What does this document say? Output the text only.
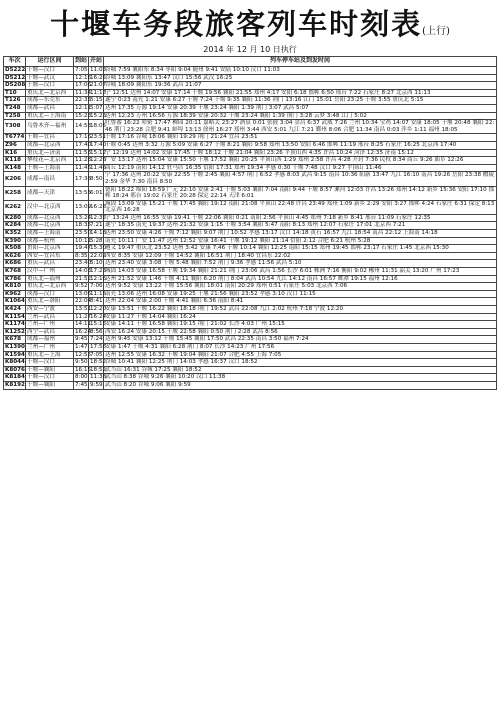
十堰车务段旅客列车时刻表(上行)
2014 年 12 月 10 日执行
车次	运行区间	到站	开站	列车停车站及到发时间
D5222	十堰—汉口	7:05	11:03	谷城 7:59 襄阳东 8:34 枣阳 9:04 随州 9:41 安陆 10:10 汉口 11:03
D5212	十堰—武汉	12:16	16:25	谷城 13:09 襄阳东 13:47 汉口 15:56 武汉 16:25
D5208	十堰—汉口	17:06	21:07	谷城 18:09 襄阳东 19:36 武昌 21:07
T10	重庆北—北京西	11:34	11:13	宁 12:51 达州 14:07 安康 17:14 十堰 19:56 襄阳 21:55 郑州 4:17 安阳 6:18 邯郸 6:50 邢台 7:22 石家庄 8:27 北京西 11:13
T126	成都—东莞东	22:35	5:15	遂宁 0:23 南充 1:21 安康 6:27 十堰 7:24 十堰 9:35 襄阳 11:36 荆门 13:16 江门 15:01 岳阳 23:25 十堰 3:55 重庆北 5:15
T248	成都—武昌	12:11	5:07	达州 17:35 万源 19:14 安康 20:39 十堰 23:24 襄阳 1:39 荆门 3:07 武昌 5:07
T258	重庆北—上海南	15:23	15:23	达州 12:23 万州 16:56 万源 18:39 安康 20:32 十堰 23:24 襄阳 1:39 荆门 3:28 云梦 3:48 江门 5:02
T308	乌鲁木齐—福州	14:53	18:05	吐鲁番 16:22 哈密 17:47 柳园 20:11 嘉峪关 23:27 酒泉 0:01 张掖 3:04 金昌 6:37 武威 7:26 兰州 10:34 宝鸡 14:07 安康 18:05 十堰 20:48 襄阳 22:46 荆门 23:28 合肥 9:41 蚌埠 13:13 徐州 16:27 郑州 3:44 西安 5:01 九江 7:21 鄞州 8:06 合肥 11:34 南昌 0:03 萍乡 1:11 福州 18:05
T6774	十堰—宜昌	17:16	23:51	十堰 17:16 谷城 18:06 襄阳 19:29 荆门 21:24 宜昌 23:51
Z96	成都—北京西	17:40	17:40	十堰 0:45 达州 3:32 万源 5:09 安康 6:27 十堰 8:21 襄阳 9:58 郑州 13:50 安阳 6:46 邯郸 11:19 邢台 8:25 石家庄 16:25 北京西 17:40
K16	重庆北—济南	11:53	15:12	宁 12:19 达州 14:02 安康 17:45 十堰 18:12 十堰 21:04 襄阳 23:26 平顶山西 4:35 许昌 10:24 菏泽 12:35 济南 15:12
K118	攀枝花—北京西	11:28	12:26	广安 13:17 达州 15:04 安康 15:50 十堰 17:52 襄阳 20:25 平顶山西 1:29 郑州 2:58 许昌 4:28 开封 7:36 民权 8:34 商丘 9:26 曲阜 12:26
K148	十堰—上海南	11:45	11:46	商丘 12:19 南阳 14:12 驻马店 16:35 信阳 17:31 郑州 19:34 孝感 0:30 十堰 7:48 汉口 9:27 平顶山 11:46
K206	成都—南昌	17:36	8:50	宁 17:36 达州 20:22 安康 22:55 十堰 2:45 襄阳 4:57 荆门 6:52 孝感 8:03 武昌 9:15 南昌 10:36 阳新 13:47 九江 16:10 南昌 19:26 岳阳 23:38 醴陵 2:59 金华 7:30 南昌 8:50
K258	成都—天津	13:55	6:01	德阳 18:22 绵阳 18:59 广元 22:10 安康 2:41 十堰 5:03 襄阳 7:04 南阳 9:44 十堰 8:57 漯河 12:03 许昌 13:26 郑州 14:12 新乡 15:36 安阳 17:10 邯郸 18:24 邢台 19:02 石家庄 20:28 保定 22:14 天津 6:01
K262	汉中—北京西	13:09	16:28	城固 13:09 安康 15:21 十堰 17:45 襄阳 19:12 南阳 21:08 平顶山 22:48 许昌 23:49 郑州 1:09 新乡 2:29 安阳 3:27 邯郸 4:24 石家庄 6:31 保定 8:13 北京西 16:28
K280	成都—北京西	13:24	12:35	宁 13:24 达州 16:55 安康 19:41 十堰 22:06 襄阳 0:21 南阳 2:56 平顶山 4:45 郑州 7:18 新乡 8:41 邢台 11:09 石家庄 12:35
K284	成都—北京西	18:35	7:21	遂宁 18:35 南充 19:37 达州 21:32 安康 1:15 十堰 3:54 襄阳 5:47 南阳 8:13 郑州 12:07 石家庄 17:01 北京西 7:21
K352	成都—上海南	23:50	14:18	达州 23:50 安康 4:26 十堰 7:12 襄阳 9:07 荆门 10:52 孝感 13:17 汉口 14:18 黄石 16:57 九江 18:54 南昌 22:12 上海南 14:18
K390	成都—杭州	10:11	5:28	南充 10:11 广安 11:47 达州 12:52 安康 16:41 十堰 19:12 襄阳 21:14 信阳 2:12 合肥 6:21 杭州 5:28
K508	贵阳—北京西	19:47	15:30	遵义 19:47 重庆北 23:52 达州 3:42 安康 7:46 十堰 10:14 襄阳 12:25 南阳 15:15 郑州 19:45 邯郸 23:17 石家庄 1:45 北京西 15:30
K626	西安—宜昌东	8:35	22:02	西安 8:35 安康 12:09 十堰 14:52 襄阳 16:51 荆门 18:40 宜昌东 22:02
K686	重庆—武昌	23:40	5:10	达州 23:40 安康 3:08 十堰 5:48 襄阳 7:52 荆门 9:36 孝感 11:56 武昌 5:10
K768	汉中—广州	14:03	17:23	城固 14:03 安康 16:58 十堰 19:34 襄阳 21:21 荆门 23:06 武昌 1:56 长沙 6:01 株洲 7:16 衡阳 9:02 郴州 11:31 韶关 13:20 广州 17:23
K786	重庆北—福州	21:52	12:16	达州 21:52 安康 1:46 十堰 4:11 襄阳 6:20 荆门 8:04 武昌 10:54 九江 14:12 南昌 16:57 鹰潭 19:15 福州 12:16
K810	重庆北—北京西	9:52	7:06	达州 9:52 安康 13:22 十堰 15:56 襄阳 18:01 南阳 20:29 郑州 0:51 石家庄 5:03 北京西 7:06
K962	成都—汉口	13:06	11:15	南充 13:06 达州 16:08 安康 19:25 十堰 21:56 襄阳 23:52 孝感 3:10 汉口 11:15
K1064	重庆北—洛阳	22:04	8:41	达州 22:04 安康 2:00 十堰 4:41 襄阳 6:36 南阳 8:41
K424	西安—宁波	13:51	12:20	安康 13:51 十堰 16:22 襄阳 18:18 荆门 19:52 武昌 22:08 九江 2:02 杭州 7:18 宁波 12:20
K1154	兰州—武昌	11:27	16:24	安康 11:27 十堰 14:04 襄阳 16:24
K1174	兰州—广州	14:11	15:15	安康 14:11 十堰 16:58 襄阳 19:15 荆门 21:02 长沙 4:03 广州 15:15
K1252	西宁—武昌	16:24	8:56	西安 16:24 安康 20:15 十堰 22:58 襄阳 0:50 荆门 2:28 武昌 8:56
K678	成都—福州	9:45	7:24	达州 9:45 安康 13:12 十堰 15:45 襄阳 17:50 武昌 22:35 南昌 3:50 福州 7:24
K1390	兰州—广州	1:47	17:56	安康 1:47 十堰 4:31 襄阳 6:28 荆门 8:07 长沙 14:23 广州 17:56
K1594	重庆北—上海	12:55	7:05	达州 12:55 安康 16:32 十堰 19:04 襄阳 21:07 合肥 4:55 上海 7:05
K8044	十堰—汉口	9:50	18:52	谷城 10:41 襄阳 12:25 荆门 14:03 孝感 16:37 汉口 18:52
K8076	十堰—襄阳	16:15	18:52	武当山 16:31 谷城 17:25 襄阳 18:52
K8184	十堰—汉口	8:00	11:38	武当山 8:38 谷城 9:26 襄阳 10:20 汉口 11:38
K8192	十堰—襄阳	7:45	9:59	武当山 8:20 谷城 9:06 襄阳 9:59
